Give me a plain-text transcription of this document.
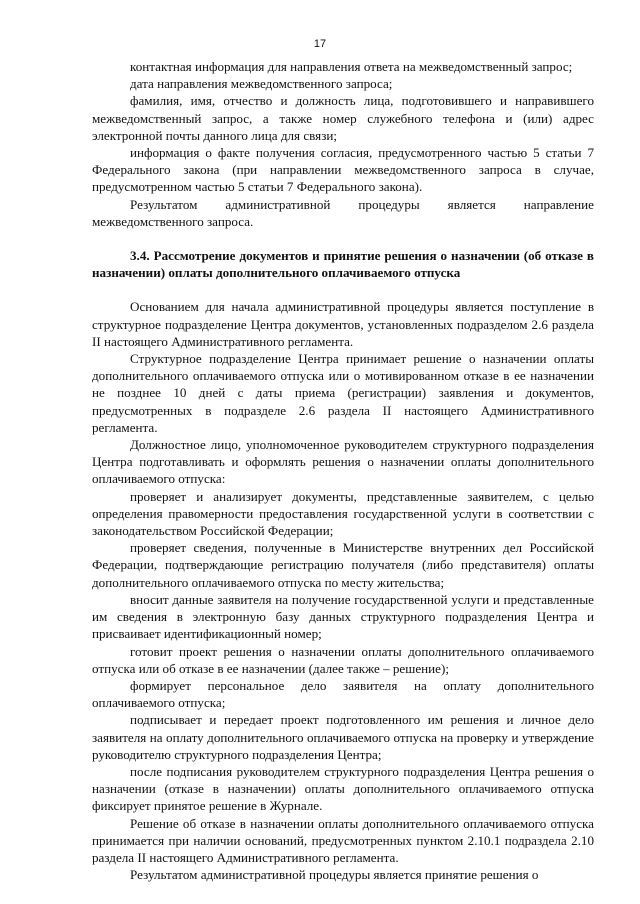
17

контактная информация для направления ответа на межведомственный запрос;

дата направления межведомственного запроса;

фамилия, имя, отчество и должность лица, подготовившего и направившего межведомственный запрос, а также номер служебного телефона и (или) адрес электронной почты данного лица для связи;

информация о факте получения согласия, предусмотренного частью 5 статьи 7 Федерального закона (при направлении межведомственного запроса в случае, предусмотренном частью 5 статьи 7 Федерального закона).

Результатом административной процедуры является направление межведомственного запроса.

3.4. Рассмотрение документов и принятие решения о назначении (об отказе в назначении) оплаты дополнительного оплачиваемого отпуска

Основанием для начала административной процедуры является поступление в структурное подразделение Центра документов, установленных подразделом 2.6 раздела II настоящего Административного регламента.

Структурное подразделение Центра принимает решение о назначении оплаты дополнительного оплачиваемого отпуска или о мотивированном отказе в ее назначении не позднее 10 дней с даты приема (регистрации) заявления и документов, предусмотренных в подразделе 2.6 раздела II настоящего Административного регламента.

Должностное лицо, уполномоченное руководителем структурного подразделения Центра подготавливать и оформлять решения о назначении оплаты дополнительного оплачиваемого отпуска:

проверяет и анализирует документы, представленные заявителем, с целью определения правомерности предоставления государственной услуги в соответствии с законодательством Российской Федерации;

проверяет сведения, полученные в Министерстве внутренних дел Российской Федерации, подтверждающие регистрацию получателя (либо представителя) оплаты дополнительного оплачиваемого отпуска по месту жительства;

вносит данные заявителя на получение государственной услуги и представленные им сведения в электронную базу данных структурного подразделения Центра и присваивает идентификационный номер;

готовит проект решения о назначении оплаты дополнительного оплачиваемого отпуска или об отказе в ее назначении (далее также – решение);

формирует персональное дело заявителя на оплату дополнительного оплачиваемого отпуска;

подписывает и передает проект подготовленного им решения и личное дело заявителя на оплату дополнительного оплачиваемого отпуска на проверку и утверждение руководителю структурного подразделения Центра;

после подписания руководителем структурного подразделения Центра решения о назначении (отказе в назначении) оплаты дополнительного оплачиваемого отпуска фиксирует принятое решение в Журнале.

Решение об отказе в назначении оплаты дополнительного оплачиваемого отпуска принимается при наличии оснований, предусмотренных пунктом 2.10.1 подраздела 2.10 раздела II настоящего Административного регламента.

Результатом административной процедуры является принятие решения о
